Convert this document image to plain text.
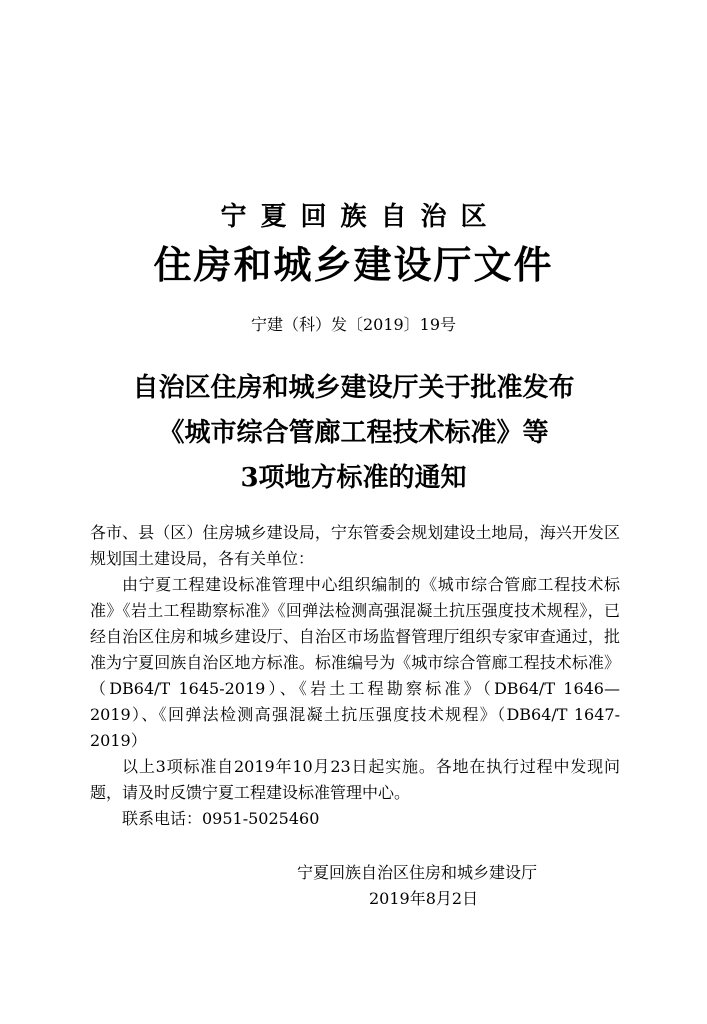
宁夏回族自治区
住房和城乡建设厅文件
宁建（科）发〔2019〕19号
自治区住房和城乡建设厅关于批准发布
《城市综合管廊工程技术标准》等
3项地方标准的通知

各市、县（区）住房城乡建设局，宁东管委会规划建设土地局，海兴开发区规划国土建设局，各有关单位：

由宁夏工程建设标准管理中心组织编制的《城市综合管廊工程技术标准》《岩土工程勘察标准》《回弹法检测高强混凝土抗压强度技术规程》，已经自治区住房和城乡建设厅、自治区市场监督管理厅组织专家审查通过，批准为宁夏回族自治区地方标准。标准编号为《城市综合管廊工程技术标准》（DB64/T 1645-2019）、《岩土工程勘察标准》（DB64/T 1646—2019）、《回弹法检测高强混凝土抗压强度技术规程》（DB64/T 1647-2019）

以上3项标准自2019年10月23日起实施。各地在执行过程中发现问题，请及时反馈宁夏工程建设标准管理中心。

联系电话：0951-5025460

宁夏回族自治区住房和城乡建设厅
2019年8月2日
